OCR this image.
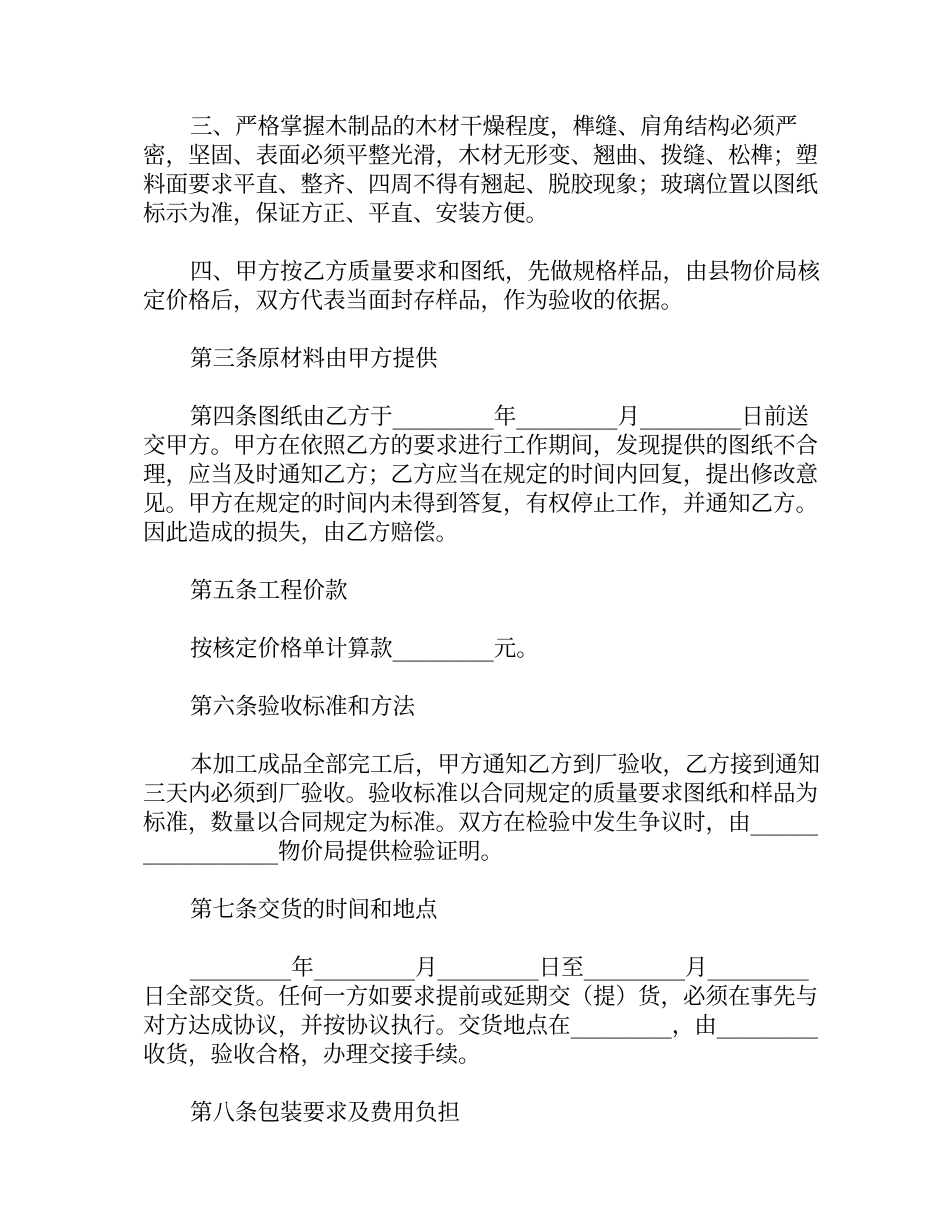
三、严格掌握木制品的木材干燥程度，榫缝、肩角结构必须严密，坚固、表面必须平整光滑，木材无形变、翘曲、拨缝、松榫；塑料面要求平直、整齐、四周不得有翘起、脱胶现象；玻璃位置以图纸标示为准，保证方正、平直、安装方便。

四、甲方按乙方质量要求和图纸，先做规格样品，由县物价局核定价格后，双方代表当面封存样品，作为验收的依据。

第三条原材料由甲方提供

第四条图纸由乙方于_________年_________月_________日前送交甲方。甲方在依照乙方的要求进行工作期间，发现提供的图纸不合理，应当及时通知乙方；乙方应当在规定的时间内回复，提出修改意见。甲方在规定的时间内未得到答复，有权停止工作，并通知乙方。因此造成的损失，由乙方赔偿。

第五条工程价款

按核定价格单计算款_________元。

第六条验收标准和方法

本加工成品全部完工后，甲方通知乙方到厂验收，乙方接到通知三天内必须到厂验收。验收标准以合同规定的质量要求图纸和样品为标准，数量以合同规定为标准。双方在检验中发生争议时，由__________________物价局提供检验证明。

第七条交货的时间和地点

_________年_________月_________日至_________月_________日全部交货。任何一方如要求提前或延期交（提）货，必须在事先与对方达成协议，并按协议执行。交货地点在_________，由_________收货，验收合格，办理交接手续。

第八条包装要求及费用负担
